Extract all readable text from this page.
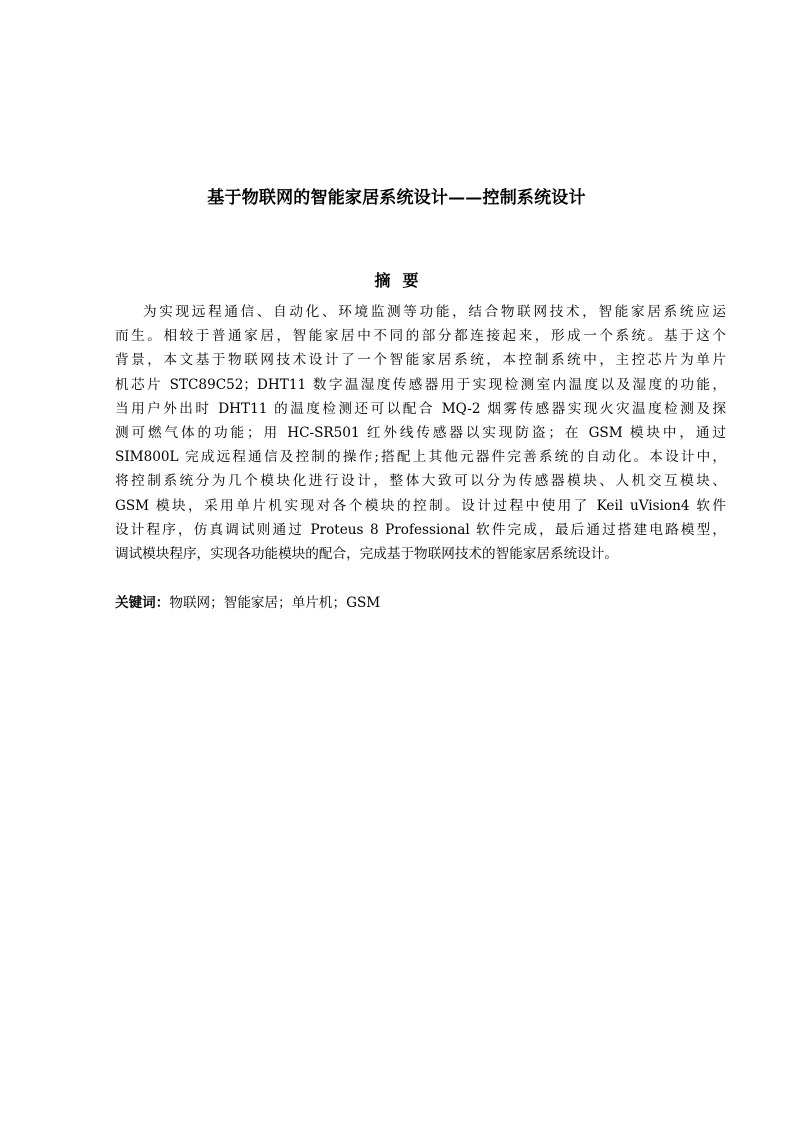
基于物联网的智能家居系统设计——控制系统设计
摘要
为实现远程通信、自动化、环境监测等功能，结合物联网技术，智能家居系统应运
而生。相较于普通家居，智能家居中不同的部分都连接起来，形成一个系统。基于这个
背景，本文基于物联网技术设计了一个智能家居系统，本控制系统中，主控芯片为单片
机芯片 STC89C52；DHT11 数字温湿度传感器用于实现检测室内温度以及湿度的功能，
当用户外出时 DHT11 的温度检测还可以配合 MQ-2 烟雾传感器实现火灾温度检测及探
测可燃气体的功能；用 HC-SR501 红外线传感器以实现防盗；在 GSM 模块中，通过
SIM800L 完成远程通信及控制的操作;搭配上其他元器件完善系统的自动化。本设计中，
将控制系统分为几个模块化进行设计，整体大致可以分为传感器模块、人机交互模块、
GSM 模块，采用单片机实现对各个模块的控制。设计过程中使用了 Keil uVision4 软件
设计程序，仿真调试则通过 Proteus 8 Professional 软件完成，最后通过搭建电路模型，
调试模块程序，实现各功能模块的配合，完成基于物联网技术的智能家居系统设计。
关键词：物联网；智能家居；单片机；GSM
